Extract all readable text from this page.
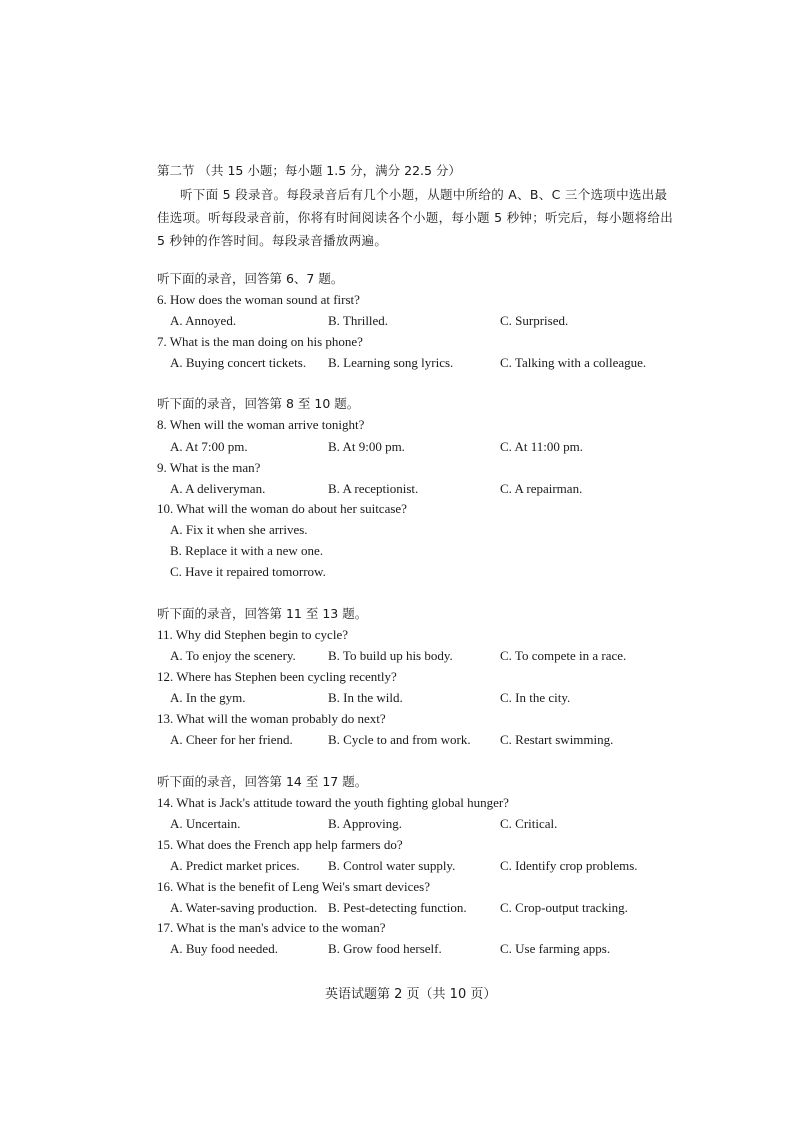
第二节 （共 15 小题；每小题 1.5 分，满分 22.5 分）
听下面 5 段录音。每段录音后有几个小题，从题中所给的 A、B、C 三个选项中选出最
佳选项。听每段录音前，你将有时间阅读各个小题，每小题 5 秒钟；听完后，每小题将给出
5 秒钟的作答时间。每段录音播放两遍。
听下面的录音，回答第 6、7 题。
6. How does the woman sound at first?
A. Annoyed.	B. Thrilled.	C. Surprised.
7. What is the man doing on his phone?
A. Buying concert tickets. B. Learning song lyrics.	C. Talking with a colleague.
听下面的录音，回答第 8 至 10 题。
8. When will the woman arrive tonight?
A. At 7:00 pm.	B. At 9:00 pm.	C. At 11:00 pm.
9. What is the man?
A. A deliveryman.	B. A receptionist.	C. A repairman.
10. What will the woman do about her suitcase?
A. Fix it when she arrives.
B. Replace it with a new one.
C. Have it repaired tomorrow.
听下面的录音，回答第 11 至 13 题。
11. Why did Stephen begin to cycle?
A. To enjoy the scenery. B. To build up his body.	C. To compete in a race.
12. Where has Stephen been cycling recently?
A. In the gym.	B. In the wild.	C. In the city.
13. What will the woman probably do next?
A. Cheer for her friend.	B. Cycle to and from work. C. Restart swimming.
听下面的录音，回答第 14 至 17 题。
14. What is Jack's attitude toward the youth fighting global hunger?
A. Uncertain.	B. Approving.	C. Critical.
15. What does the French app help farmers do?
A. Predict market prices. B. Control water supply.	C. Identify crop problems.
16. What is the benefit of Leng Wei's smart devices?
A. Water-saving production. B. Pest-detecting function.	C. Crop-output tracking.
17. What is the man's advice to the woman?
A. Buy food needed.	B. Grow food herself.	C. Use farming apps.
英语试题第 2 页（共 10 页）
